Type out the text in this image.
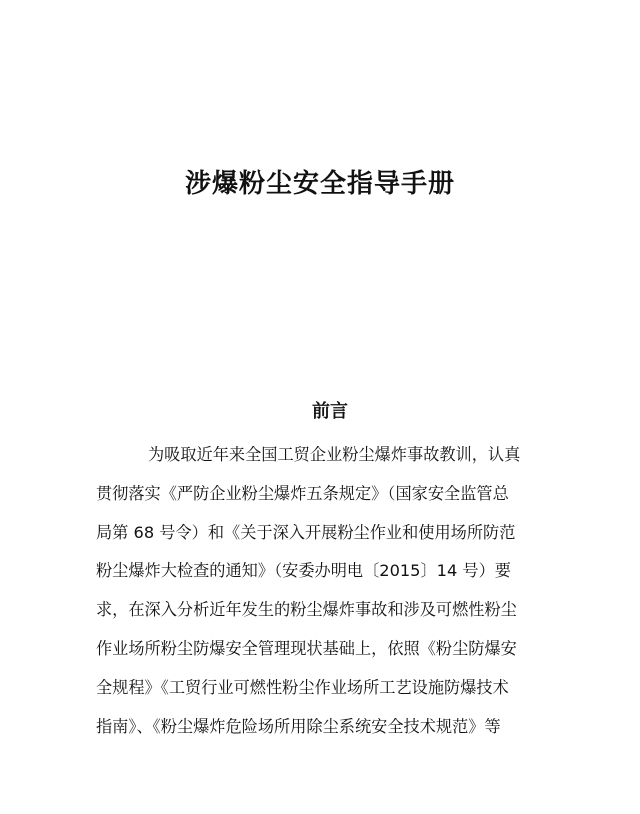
涉爆粉尘安全指导手册
前言
为吸取近年来全国工贸企业粉尘爆炸事故教训，认真
贯彻落实《严防企业粉尘爆炸五条规定》（国家安全监管总
局第 68 号令）和《关于深入开展粉尘作业和使用场所防范
粉尘爆炸大检查的通知》（安委办明电〔2015〕14 号）要
求，在深入分析近年发生的粉尘爆炸事故和涉及可燃性粉尘
作业场所粉尘防爆安全管理现状基础上，依照《粉尘防爆安
全规程》《工贸行业可燃性粉尘作业场所工艺设施防爆技术
指南》、《粉尘爆炸危险场所用除尘系统安全技术规范》等
